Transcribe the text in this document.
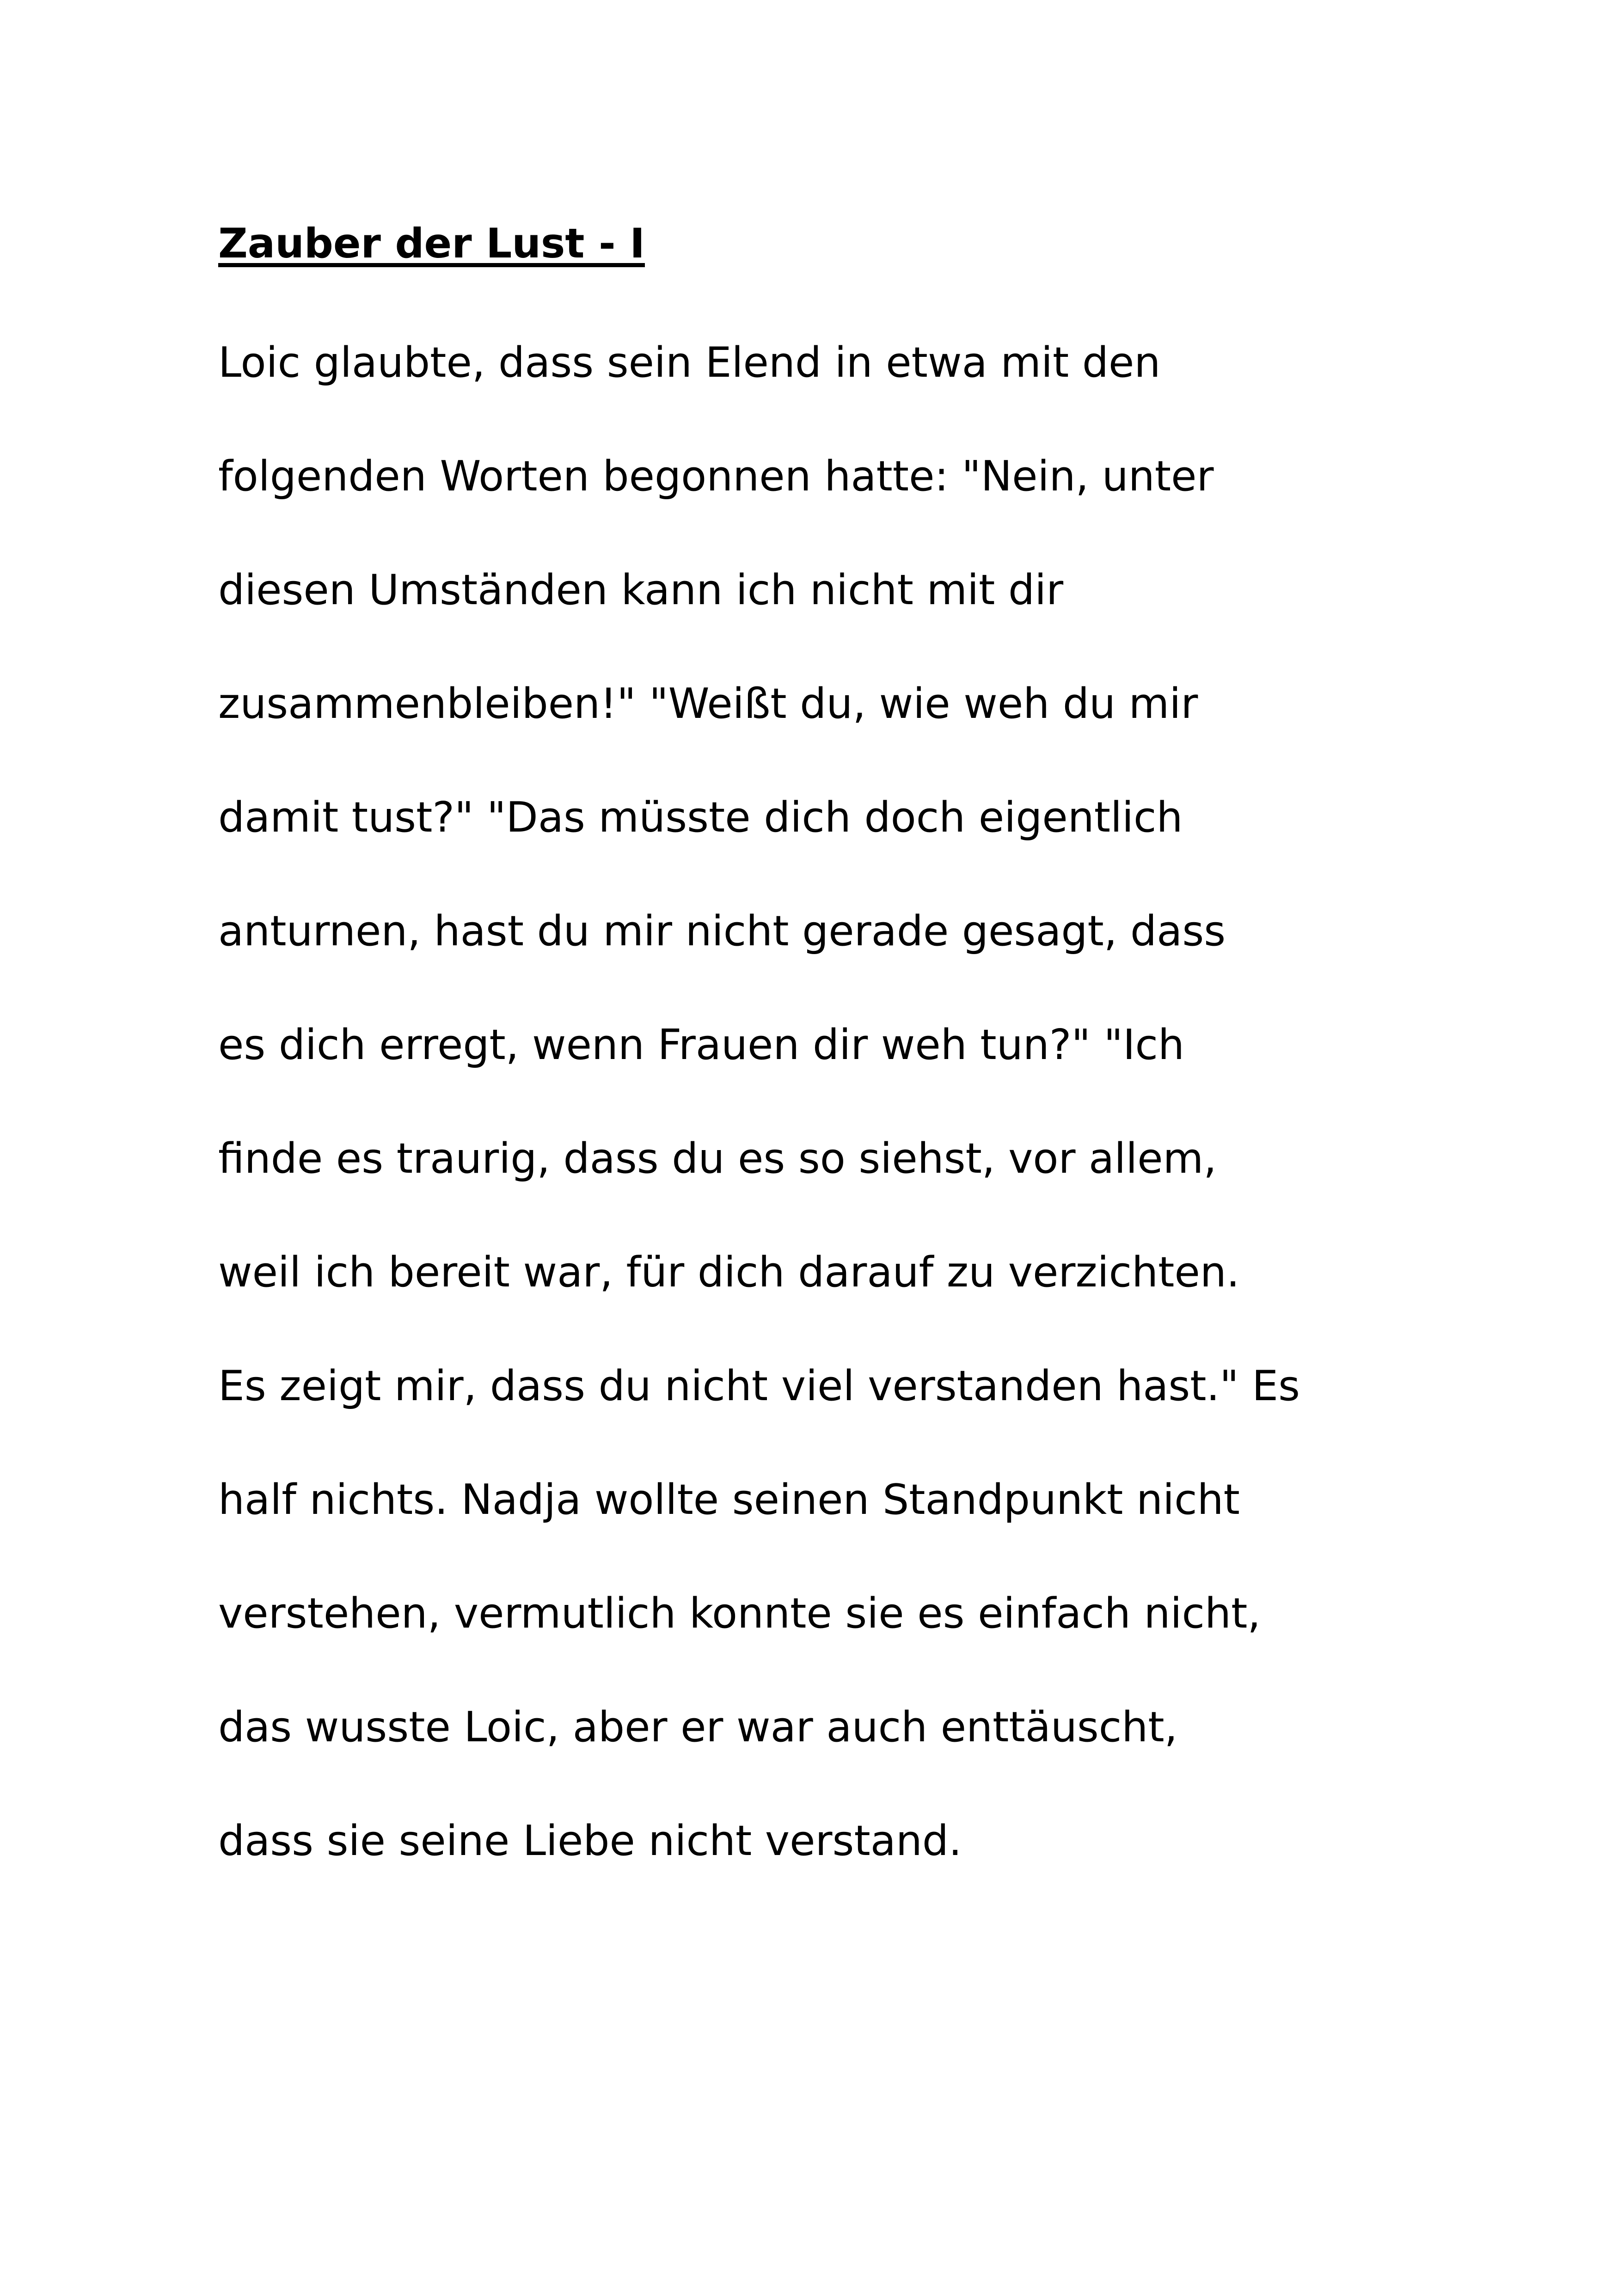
Zauber der Lust - I
Loic glaubte, dass sein Elend in etwa mit den
folgenden Worten begonnen hatte: "Nein, unter
diesen Umständen kann ich nicht mit dir
zusammenbleiben!" "Weißt du, wie weh du mir
damit tust?" "Das müsste dich doch eigentlich
anturnen, hast du mir nicht gerade gesagt, dass
es dich erregt, wenn Frauen dir weh tun?" "Ich
finde es traurig, dass du es so siehst, vor allem,
weil ich bereit war, für dich darauf zu verzichten.
Es zeigt mir, dass du nicht viel verstanden hast." Es
half nichts. Nadja wollte seinen Standpunkt nicht
verstehen, vermutlich konnte sie es einfach nicht,
das wusste Loic, aber er war auch enttäuscht,
dass sie seine Liebe nicht verstand.
